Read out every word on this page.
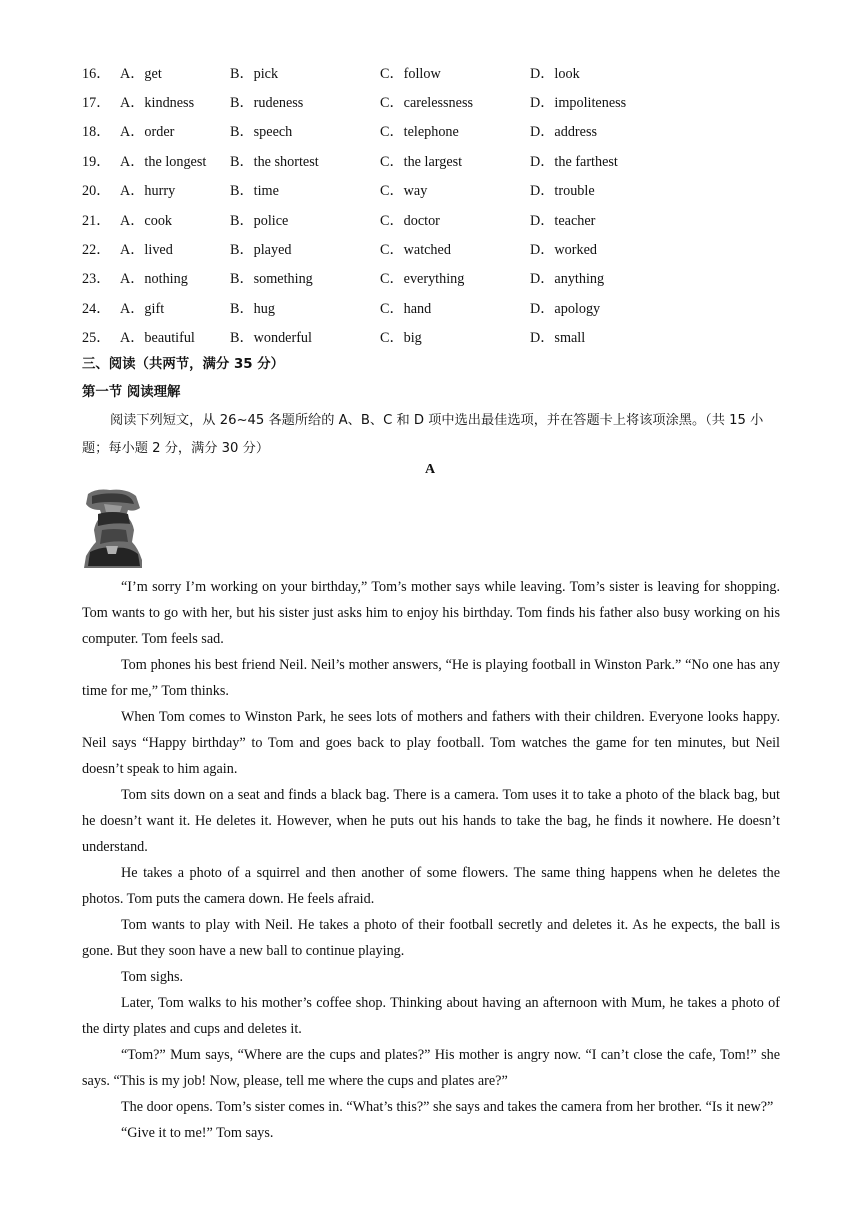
16． A．get	B．pick	C．follow	D．look
17． A．kindness	B．rudeness	C．carelessness	D．impoliteness
18． A．order	B．speech	C．telephone	D．address
19． A．the longest	B．the shortest	C．the largest	D．the farthest
20． A．hurry	B．time	C．way	D．trouble
21． A．cook	B．police	C．doctor	D．teacher
22． A．lived	B．played	C．watched	D．worked
23． A．nothing	B．something	C．everything	D．anything
24． A．gift	B．hug	C．hand	D．apology
25． A．beautiful	B．wonderful	C．big	D．small
三、阅读（共两节，满分 35 分）
第一节 阅读理解
阅读下列短文，从 26~45 各题所给的 A、B、C 和 D 项中选出最佳选项，并在答题卡上将该项涂黑。（共 15 小题；每小题 2 分，满分 30 分）
A

“I’m sorry I’m working on your birthday,” Tom’s mother says while leaving. Tom’s sister is leaving for shopping. Tom wants to go with her, but his sister just asks him to enjoy his birthday. Tom finds his father also busy working on his computer. Tom feels sad.

Tom phones his best friend Neil. Neil’s mother answers, “He is playing football in Winston Park.” “No one has any time for me,” Tom thinks.

When Tom comes to Winston Park, he sees lots of mothers and fathers with their children. Everyone looks happy. Neil says “Happy birthday” to Tom and goes back to play football. Tom watches the game for ten minutes, but Neil doesn’t speak to him again.

Tom sits down on a seat and finds a black bag. There is a camera. Tom uses it to take a photo of the black bag, but he doesn’t want it. He deletes it. However, when he puts out his hands to take the bag, he finds it nowhere. He doesn’t understand.

He takes a photo of a squirrel and then another of some flowers. The same thing happens when he deletes the photos. Tom puts the camera down. He feels afraid.

Tom wants to play with Neil. He takes a photo of their football secretly and deletes it. As he expects, the ball is gone. But they soon have a new ball to continue playing.

Tom sighs.

Later, Tom walks to his mother’s coffee shop. Thinking about having an afternoon with Mum, he takes a photo of the dirty plates and cups and deletes it.

“Tom?” Mum says, “Where are the cups and plates?” His mother is angry now. “I can’t close the cafe, Tom!” she says. “This is my job! Now, please, tell me where the cups and plates are?”

The door opens. Tom’s sister comes in. “What’s this?” she says and takes the camera from her brother. “Is it new?”

“Give it to me!” Tom says.
